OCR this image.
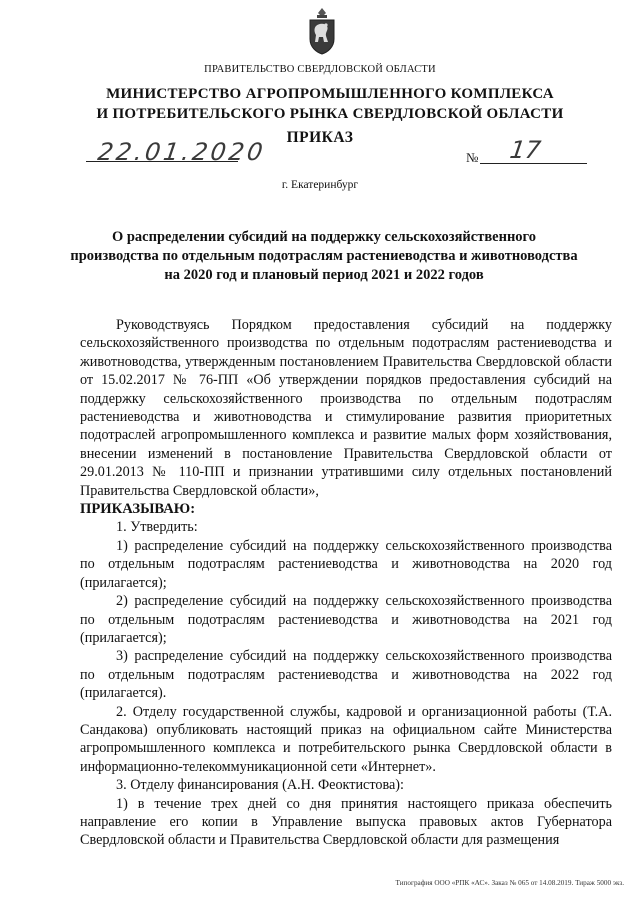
ПРАВИТЕЛЬСТВО СВЕРДЛОВСКОЙ ОБЛАСТИ
МИНИСТЕРСТВО АГРОПРОМЫШЛЕННОГО КОМПЛЕКСА
И ПОТРЕБИТЕЛЬСКОГО РЫНКА СВЕРДЛОВСКОЙ ОБЛАСТИ
ПРИКАЗ
22.01.2020	№ 17
г. Екатеринбург
О распределении субсидий на поддержку сельскохозяйственного
производства по отдельным подотраслям растениеводства и животноводства
на 2020 год и плановый период 2021 и 2022 годов

Руководствуясь Порядком предоставления субсидий на поддержку сельскохозяйственного производства по отдельным подотраслям растениеводства и животноводства, утвержденным постановлением Правительства Свердловской области от 15.02.2017 № 76-ПП «Об утверждении порядков предоставления субсидий на поддержку сельскохозяйственного производства по отдельным подотраслям растениеводства и животноводства и стимулирование развития приоритетных подотраслей агропромышленного комплекса и развитие малых форм хозяйствования, внесении изменений в постановление Правительства Свердловской области от 29.01.2013 № 110-ПП и признании утратившими силу отдельных постановлений Правительства Свердловской области»,

ПРИКАЗЫВАЮ:

1. Утвердить:

1) распределение субсидий на поддержку сельскохозяйственного производства по отдельным подотраслям растениеводства и животноводства на 2020 год (прилагается);

2) распределение субсидий на поддержку сельскохозяйственного производства по отдельным подотраслям растениеводства и животноводства на 2021 год (прилагается);

3) распределение субсидий на поддержку сельскохозяйственного производства по отдельным подотраслям растениеводства и животноводства на 2022 год (прилагается).

2. Отделу государственной службы, кадровой и организационной работы (Т.А. Сандакова) опубликовать настоящий приказ на официальном сайте Министерства агропромышленного комплекса и потребительского рынка Свердловской области в информационно-телекоммуникационной сети «Интернет».

3. Отделу финансирования (А.Н. Феоктистова):

1) в течение трех дней со дня принятия настоящего приказа обеспечить направление его копии в Управление выпуска правовых актов Губернатора Свердловской области и Правительства Свердловской области для размещения

Типография ООО «РПК «АС». Заказ № 065 от 14.08.2019. Тираж 5000 экз.
